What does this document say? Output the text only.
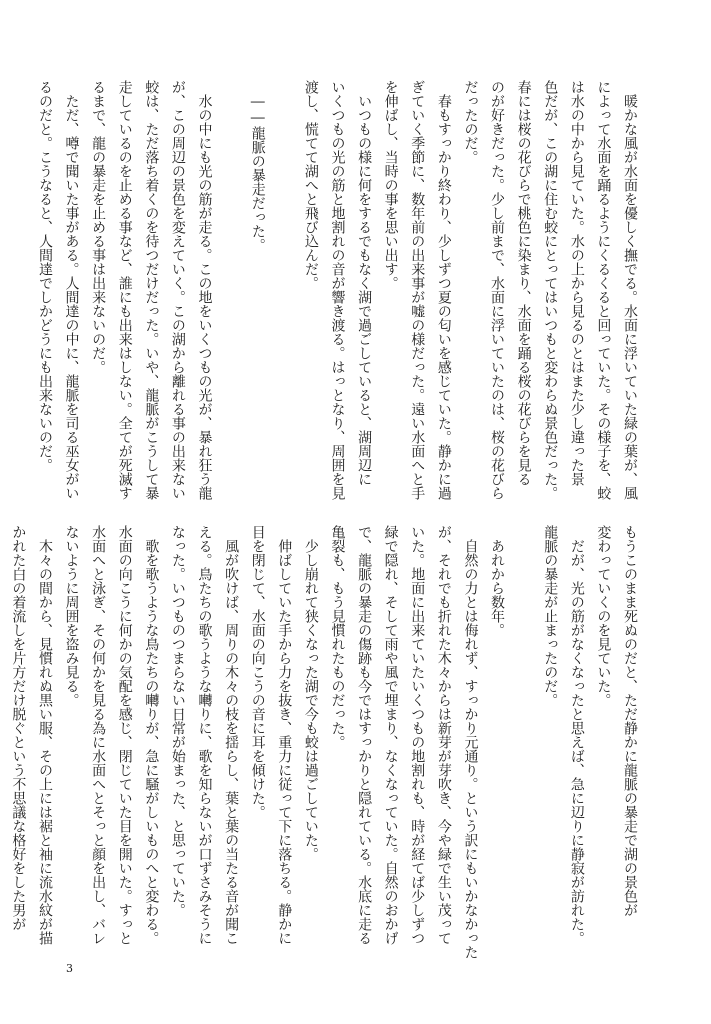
　暖かな風が水面を優しく撫でる。水面に浮いていた緑の葉が、風

によって水面を踊るようにくるくると回っていた。その様子を、蛟

は水の中から見ていた。水の上から見るのとはまた少し違った景

色だが、この湖に住む蛟にとってはいつもと変わらぬ景色だった。

春には桜の花びらで桃色に染まり、水面を踊る桜の花びらを見る

のが好きだった。少し前まで、水面に浮いていたのは、桜の花びら

だったのだ。

　春もすっかり終わり、少しずつ夏の匂いを感じていた。静かに過

ぎていく季節に、数年前の出来事が嘘の様だった。遠い水面へと手

を伸ばし、当時の事を思い出す。

　いつもの様に何をするでもなく湖で過ごしていると、湖周辺に

いくつもの光の筋と地割れの音が響き渡る。はっとなり、周囲を見

渡し、慌てて湖へと飛び込んだ。

　――龍脈の暴走だった。

　水の中にも光の筋が走る。この地をいくつもの光が、暴れ狂う龍

が、この周辺の景色を変えていく。この湖から離れる事の出来ない

蛟は、ただ落ち着くのを待つだけだった。いや、龍脈がこうして暴

走しているのを止める事など、誰にも出来はしない。全てが死滅す

るまで、龍の暴走を止める事は出来ないのだ。

　ただ、噂で聞いた事がある。人間達の中に、龍脈を司る巫女がい

るのだと。こうなると、人間達でしかどうにも出来ないのだ。

もうこのまま死ぬのだと、ただ静かに龍脈の暴走で湖の景色が

変わっていくのを見ていた。

　だが、光の筋がなくなったと思えば、急に辺りに静寂が訪れた。

龍脈の暴走が止まったのだ。

　あれから数年。

　自然の力とは侮れず、すっかり元通り。という訳にもいかなかった

が、それでも折れた木々からは新芽が芽吹き、今や緑で生い茂って

いた。地面に出来ていたいくつもの地割れも、時が経てば少しずつ

緑で隠れ、そして雨や風で埋まり、なくなっていた。自然のおかげ

で、龍脈の暴走の傷跡も今ではすっかりと隠れている。水底に走る

亀裂も、もう見慣れたものだった。

　少し崩れて狭くなった湖で今も蛟は過ごしていた。

　伸ばしていた手から力を抜き、重力に従って下に落ちる。静かに

目を閉じて、水面の向こうの音に耳を傾けた。

　風が吹けば、周りの木々の枝を揺らし、葉と葉の当たる音が聞こ

える。鳥たちの歌うような囀りに、歌を知らないが口ずさみそうに

なった。いつものつまらない日常が始まった、と思っていた。

　歌を歌うような鳥たちの囀りが、急に騒がしいものへと変わる。

水面の向こうに何かの気配を感じ、閉じていた目を開いた。すっと

水面へと泳ぎ、その何かを見る為に水面へとそっと顔を出し、バレ

ないように周囲を盗み見る。

　木々の間から、見慣れぬ黒い服、その上には裾と袖に流水紋が描

かれた白の着流しを片方だけ脱ぐという不思議な格好をした男が

3
